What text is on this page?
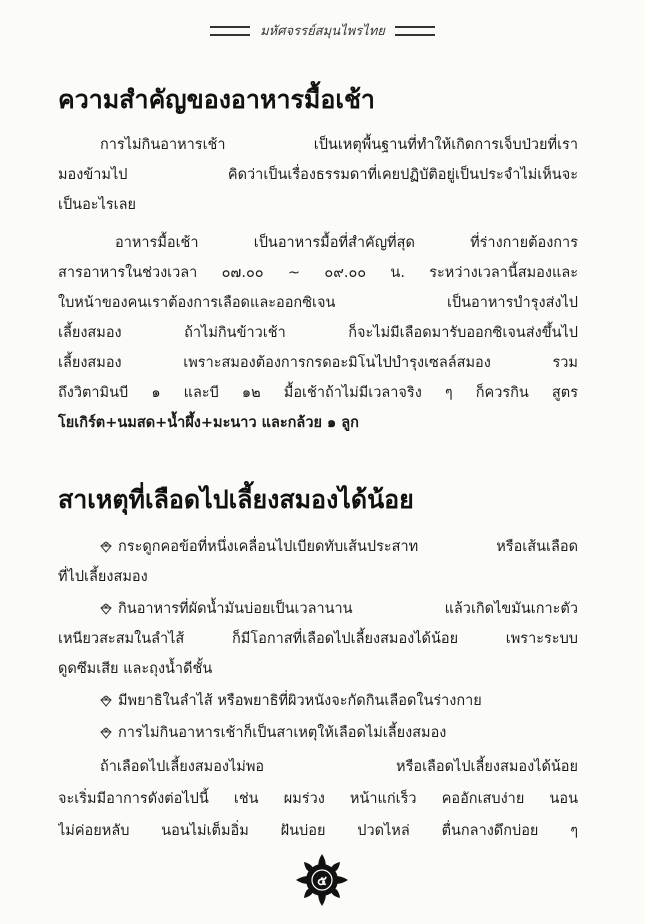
มหัศจรรย์สมุนไพรไทย
ความสำคัญของอาหารมื้อเช้า

การไม่กินอาหารเช้า เป็นเหตุพื้นฐานที่ทำให้เกิดการเจ็บป่วยที่เรา

มองข้ามไป คิดว่าเป็นเรื่องธรรมดาที่เคยปฏิบัติอยู่เป็นประจำไม่เห็นจะ

เป็นอะไรเลย

อาหารมื้อเช้า เป็นอาหารมื้อที่สำคัญที่สุด ที่ร่างกายต้องการ

สารอาหารในช่วงเวลา ๐๗.๐๐ ~ ๐๙.๐๐ น. ระหว่างเวลานี้สมองและ

ใบหน้าของคนเราต้องการเลือดและออกซิเจน เป็นอาหารบำรุงส่งไป

เลี้ยงสมอง ถ้าไม่กินข้าวเช้า ก็จะไม่มีเลือดมารับออกซิเจนส่งขึ้นไป

เลี้ยงสมอง เพราะสมองต้องการกรดอะมิโนไปบำรุงเซลล์สมอง รวม

ถึงวิตามินบี ๑ และบี ๑๒ มื้อเช้าถ้าไม่มีเวลาจริง ๆ ก็ควรกิน สูตร

โยเกิร์ต+นมสด+น้ำผึ้ง+มะนาว และกล้วย ๑ ลูก

สาเหตุที่เลือดไปเลี้ยงสมองได้น้อย
กระดูกคอข้อที่หนึ่งเคลื่อนไปเบียดทับเส้นประสาท หรือเส้นเลือด

ที่ไปเลี้ยงสมอง

กินอาหารที่ผัดน้ำมันบ่อยเป็นเวลานาน แล้วเกิดไขมันเกาะตัว

เหนียวสะสมในลำไส้ ก็มีโอกาสที่เลือดไปเลี้ยงสมองได้น้อย เพราะระบบ

ดูดซึมเสีย และถุงน้ำดีชั้น

มีพยาธิในลำไส้ หรือพยาธิที่ผิวหนังจะกัดกินเลือดในร่างกาย
การไม่กินอาหารเช้าก็เป็นสาเหตุให้เลือดไม่เลี้ยงสมอง

ถ้าเลือดไปเลี้ยงสมองไม่พอ หรือเลือดไปเลี้ยงสมองได้น้อย

จะเริ่มมีอาการดังต่อไปนี้ เช่น ผมร่วง หน้าแก่เร็ว คออักเสบง่าย นอน

ไม่ค่อยหลับ นอนไม่เต็มอิ่ม ฝันบ่อย ปวดไหล่ ตื่นกลางดึกบ่อย ๆ

๕
